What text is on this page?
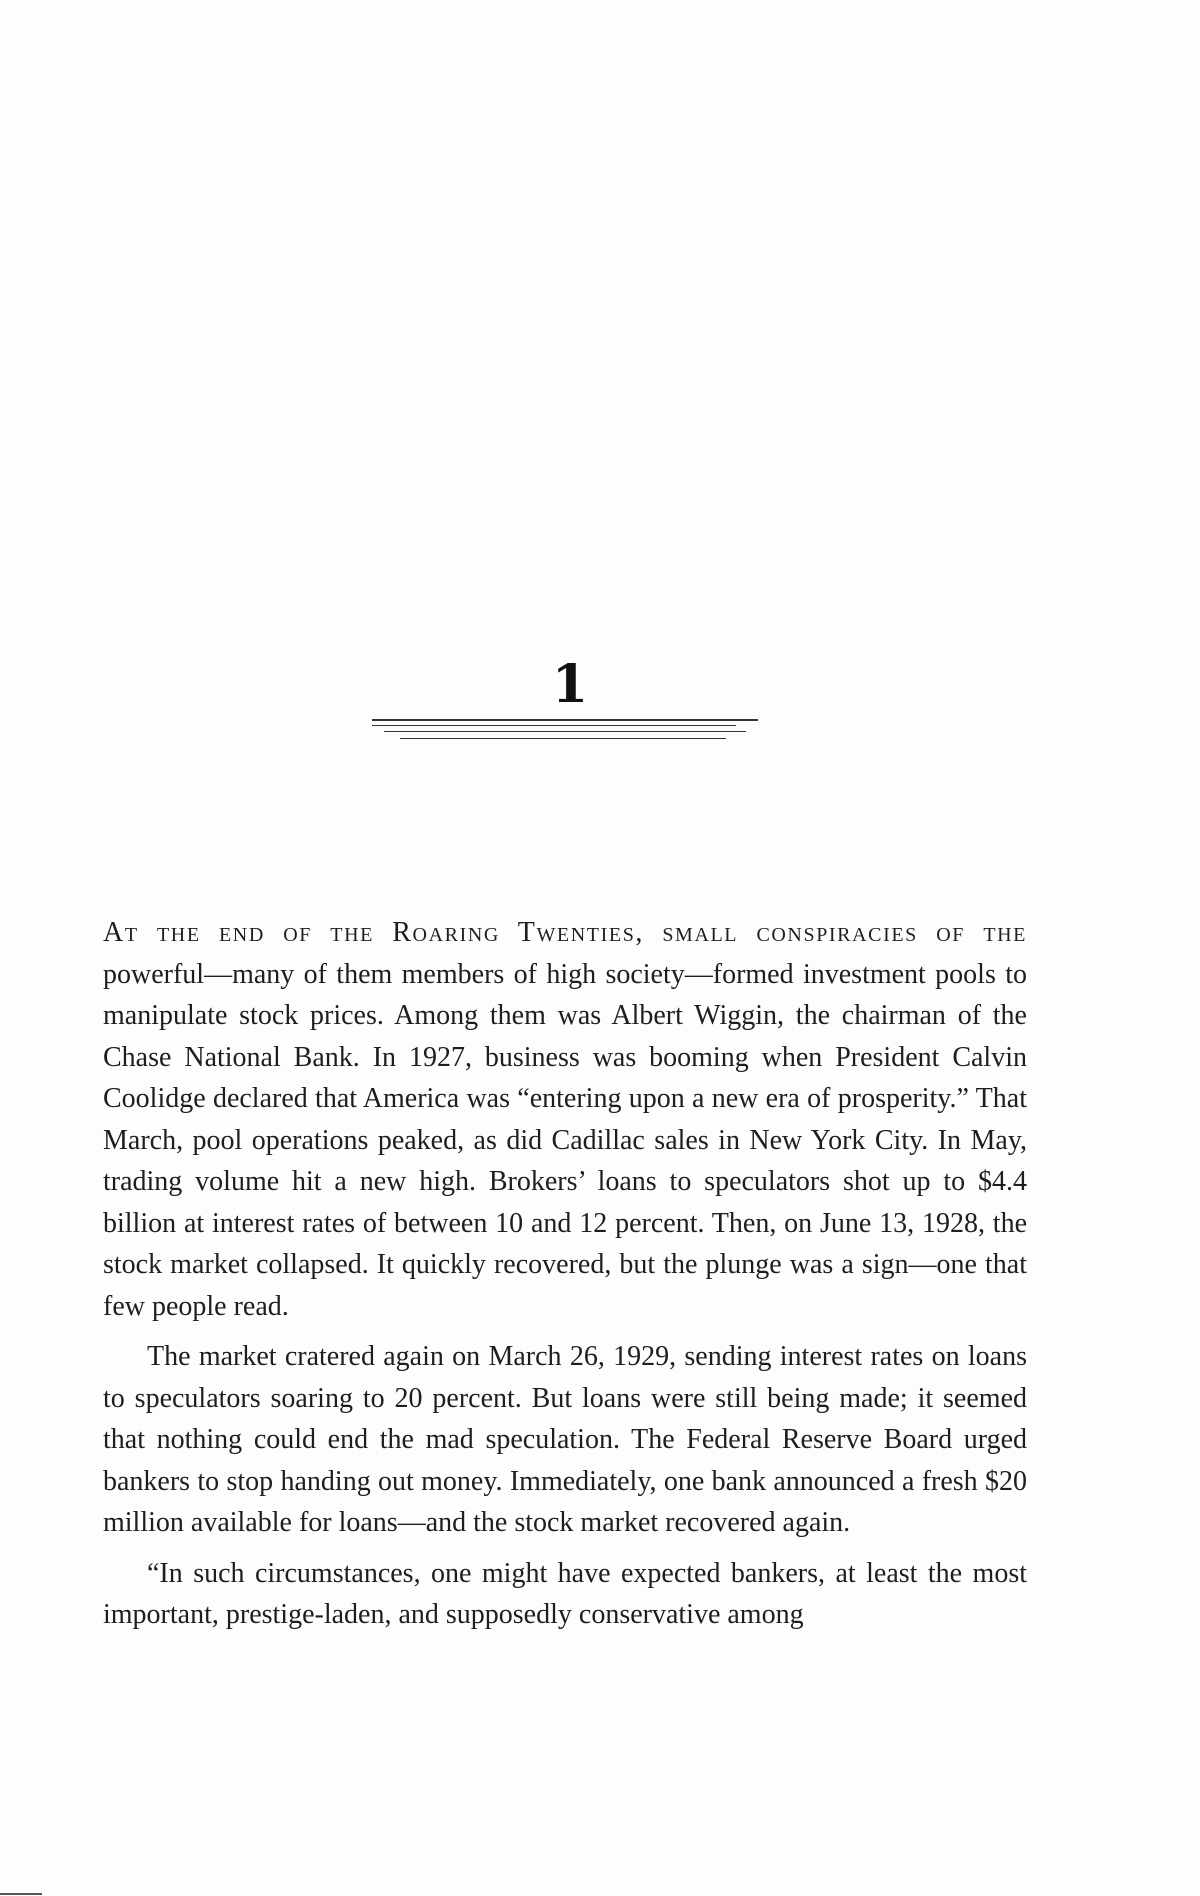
1

At the end of the Roaring Twenties, small conspiracies of the powerful—many of them members of high society—formed investment pools to manipulate stock prices. Among them was Albert Wiggin, the chairman of the Chase National Bank. In 1927, business was booming when President Calvin Coolidge declared that America was “entering upon a new era of prosperity.” That March, pool operations peaked, as did Cadillac sales in New York City. In May, trading volume hit a new high. Brokers’ loans to speculators shot up to $4.4 billion at interest rates of between 10 and 12 percent. Then, on June 13, 1928, the stock market collapsed. It quickly recovered, but the plunge was a sign—one that few people read.

The market cratered again on March 26, 1929, sending interest rates on loans to speculators soaring to 20 percent. But loans were still being made; it seemed that nothing could end the mad speculation. The Federal Reserve Board urged bankers to stop handing out money. Immediately, one bank announced a fresh $20 million available for loans—and the stock market recovered again.

“In such circumstances, one might have expected bankers, at least the most important, prestige-laden, and supposedly conservative among
